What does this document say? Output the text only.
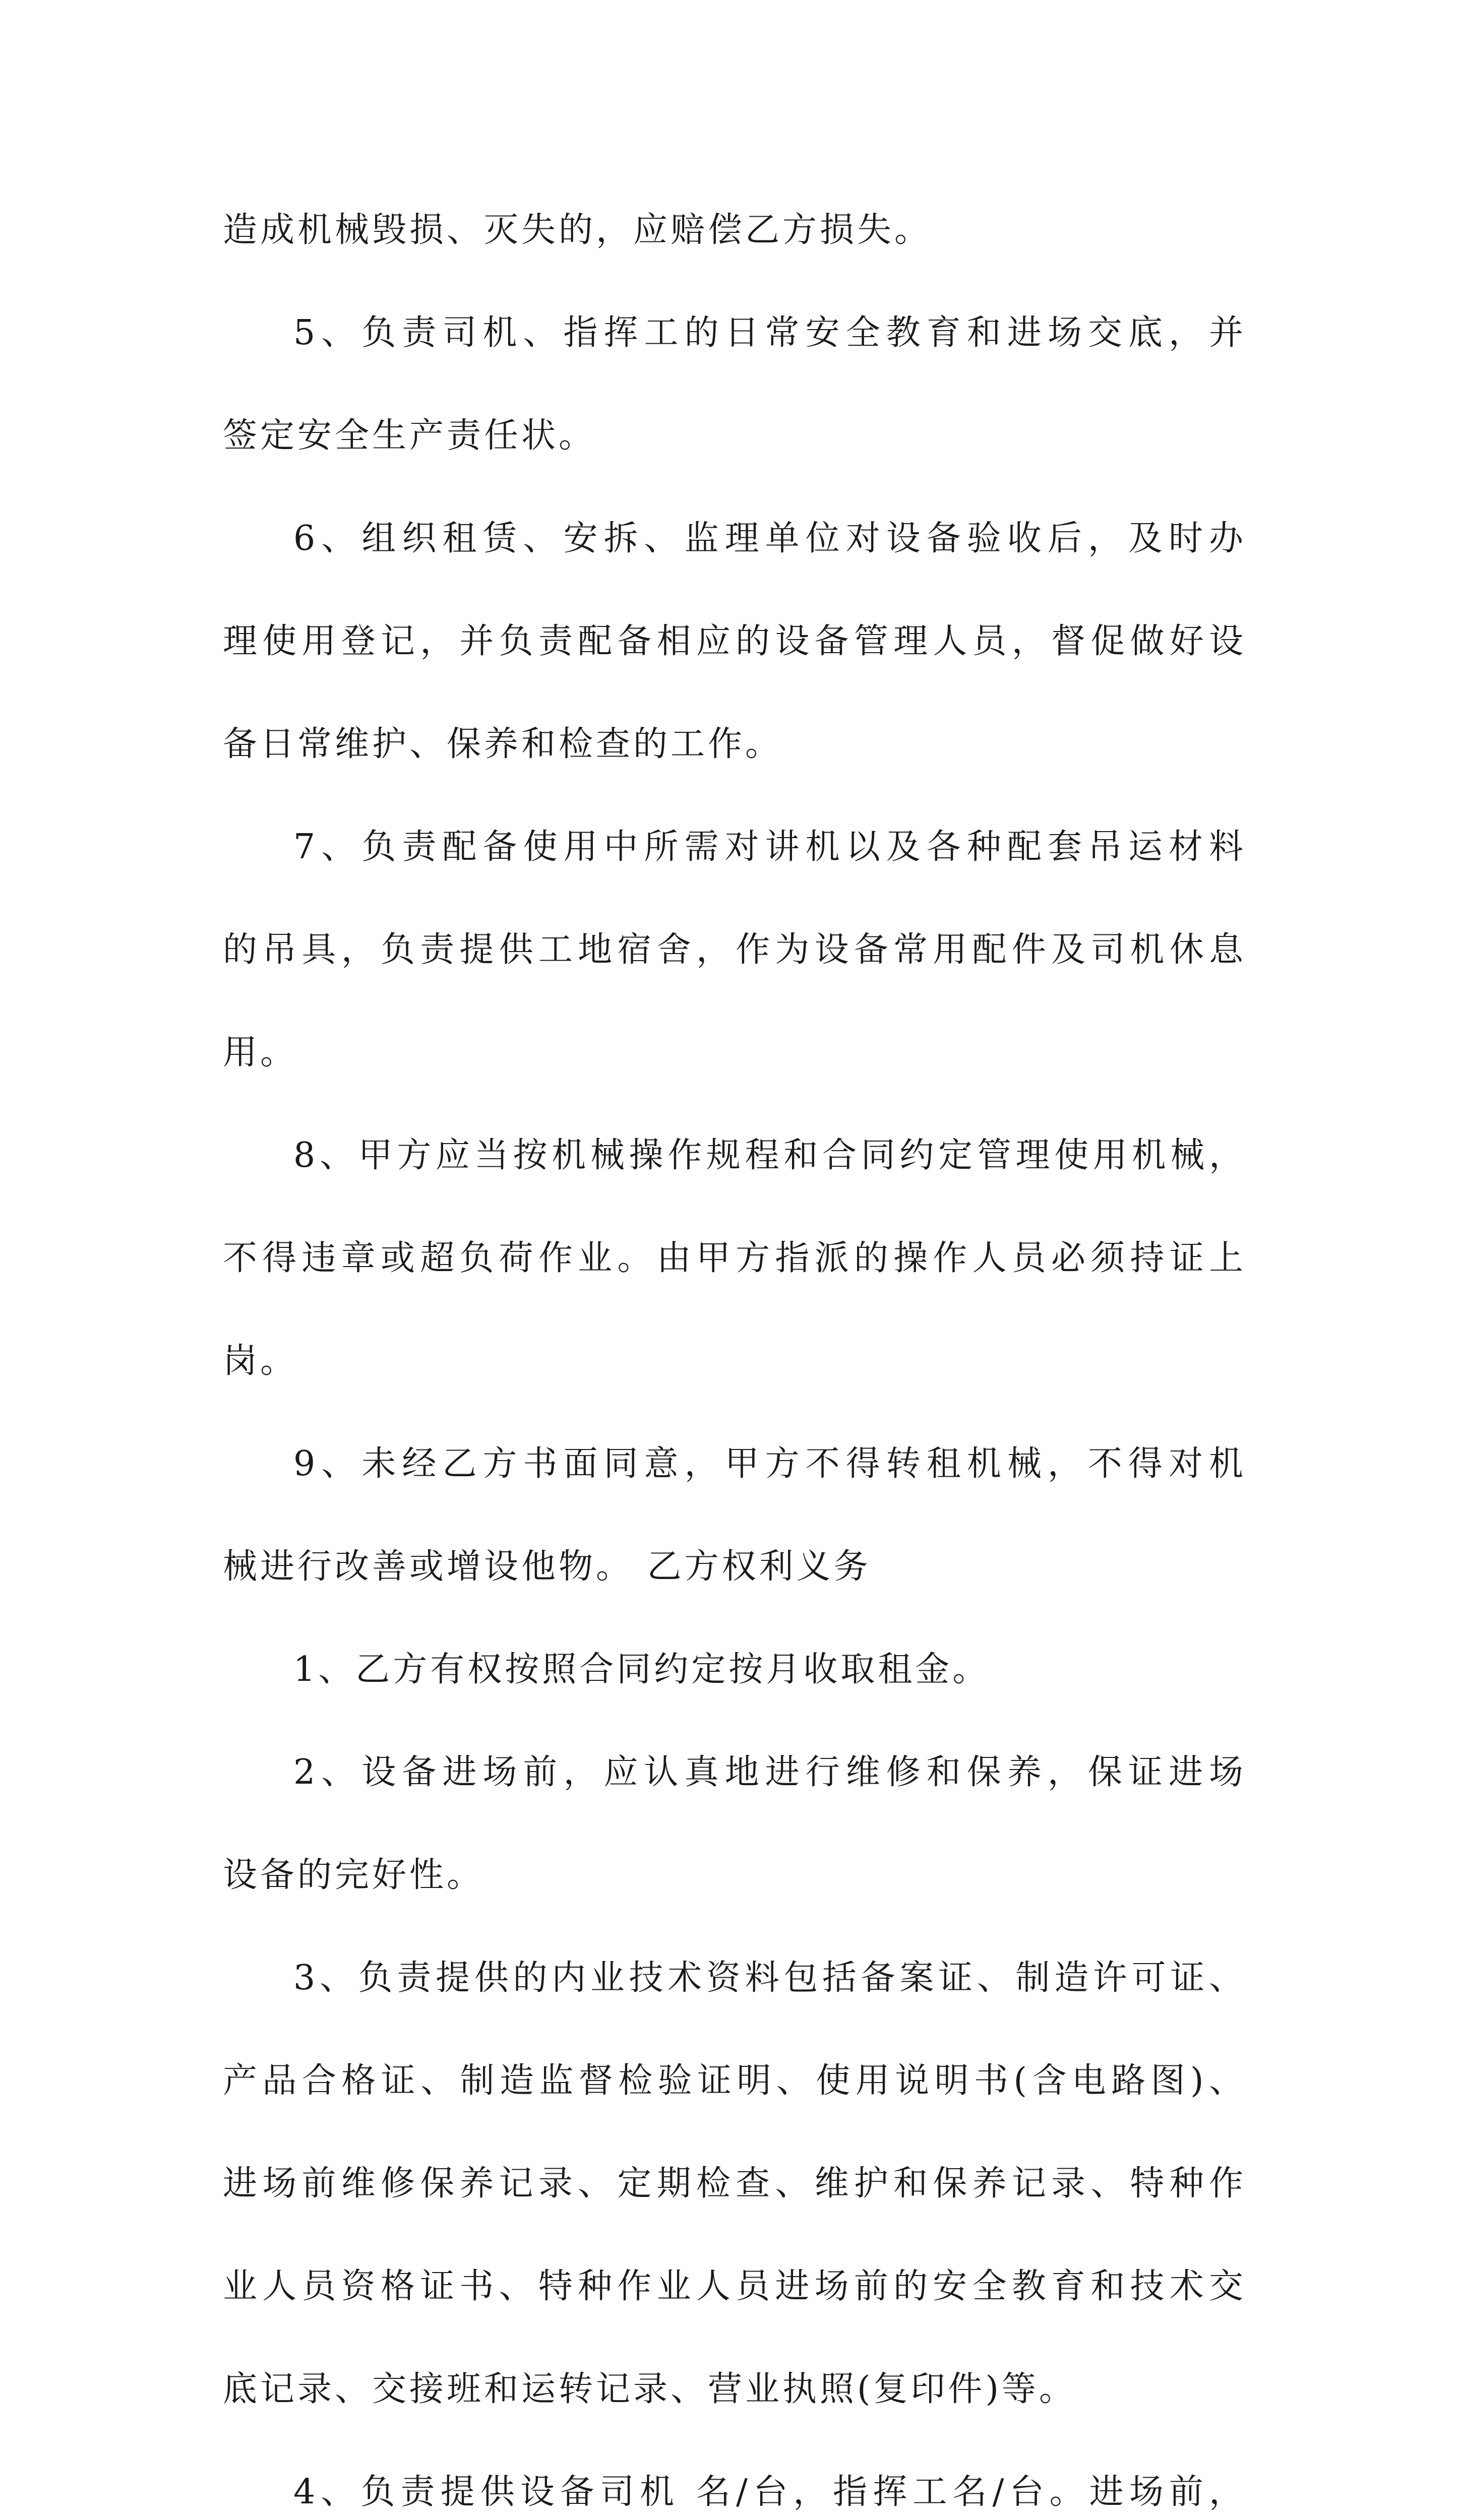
造成机械毁损、灭失的，应赔偿乙方损失。
5、负责司机、指挥工的日常安全教育和进场交底，并
签定安全生产责任状。
6、组织租赁、安拆、监理单位对设备验收后，及时办
理使用登记，并负责配备相应的设备管理人员，督促做好设
备日常维护、保养和检查的工作。
7、负责配备使用中所需对讲机以及各种配套吊运材料
的吊具，负责提供工地宿舍，作为设备常用配件及司机休息
用。
8、甲方应当按机械操作规程和合同约定管理使用机械，
不得违章或超负荷作业。由甲方指派的操作人员必须持证上
岗。
9、未经乙方书面同意，甲方不得转租机械，不得对机
械进行改善或增设他物。 乙方权利义务
1、乙方有权按照合同约定按月收取租金。
2、设备进场前，应认真地进行维修和保养，保证进场
设备的完好性。
3、负责提供的内业技术资料包括备案证、制造许可证、
产品合格证、制造监督检验证明、使用说明书(含电路图)、
进场前维修保养记录、定期检查、维护和保养记录、特种作
业人员资格证书、特种作业人员进场前的安全教育和技术交
底记录、交接班和运转记录、营业执照(复印件)等。
4、负责提供设备司机 名/台，指挥工名/台。进场前，
